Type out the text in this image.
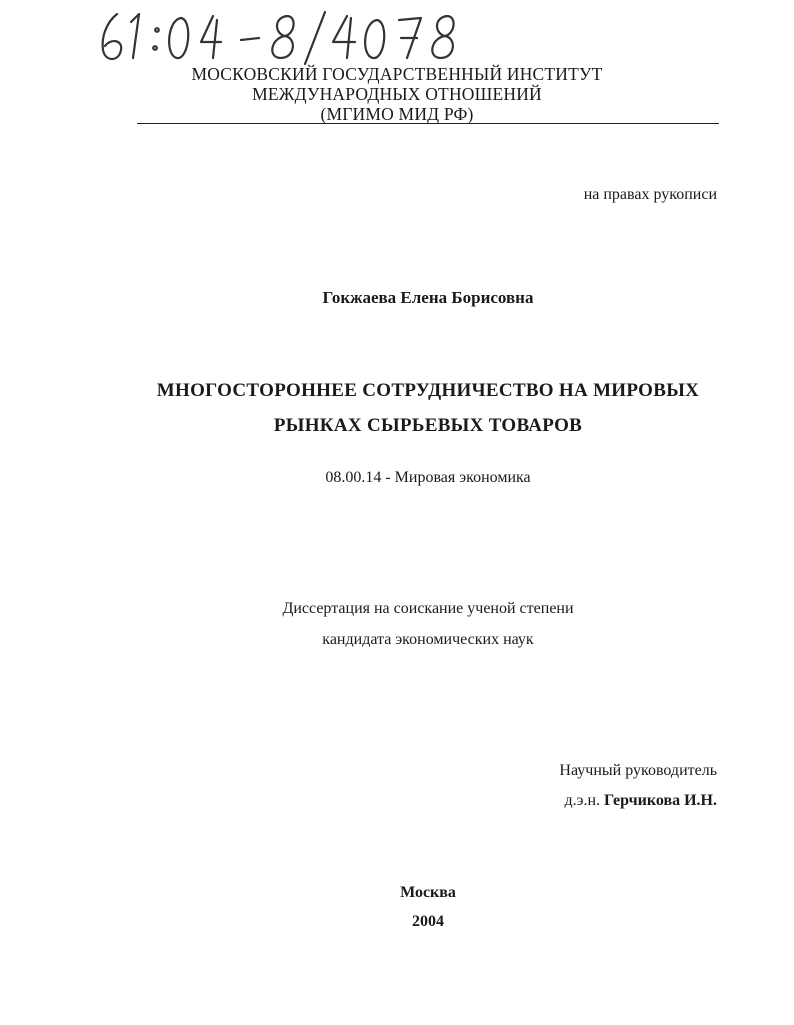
МОСКОВСКИЙ ГОСУДАРСТВЕННЫЙ ИНСТИТУТ
МЕЖДУНАРОДНЫХ ОТНОШЕНИЙ
(МГИМО МИД РФ)
на правах рукописи
Гокжаева Елена Борисовна
МНОГОСТОРОННЕЕ СОТРУДНИЧЕСТВО НА МИРОВЫХ
РЫНКАХ СЫРЬЕВЫХ ТОВАРОВ
08.00.14 - Мировая экономика
Диссертация на соискание ученой степени
кандидата экономических наук
Научный руководитель
д.э.н. Герчикова И.Н.
Москва
2004
